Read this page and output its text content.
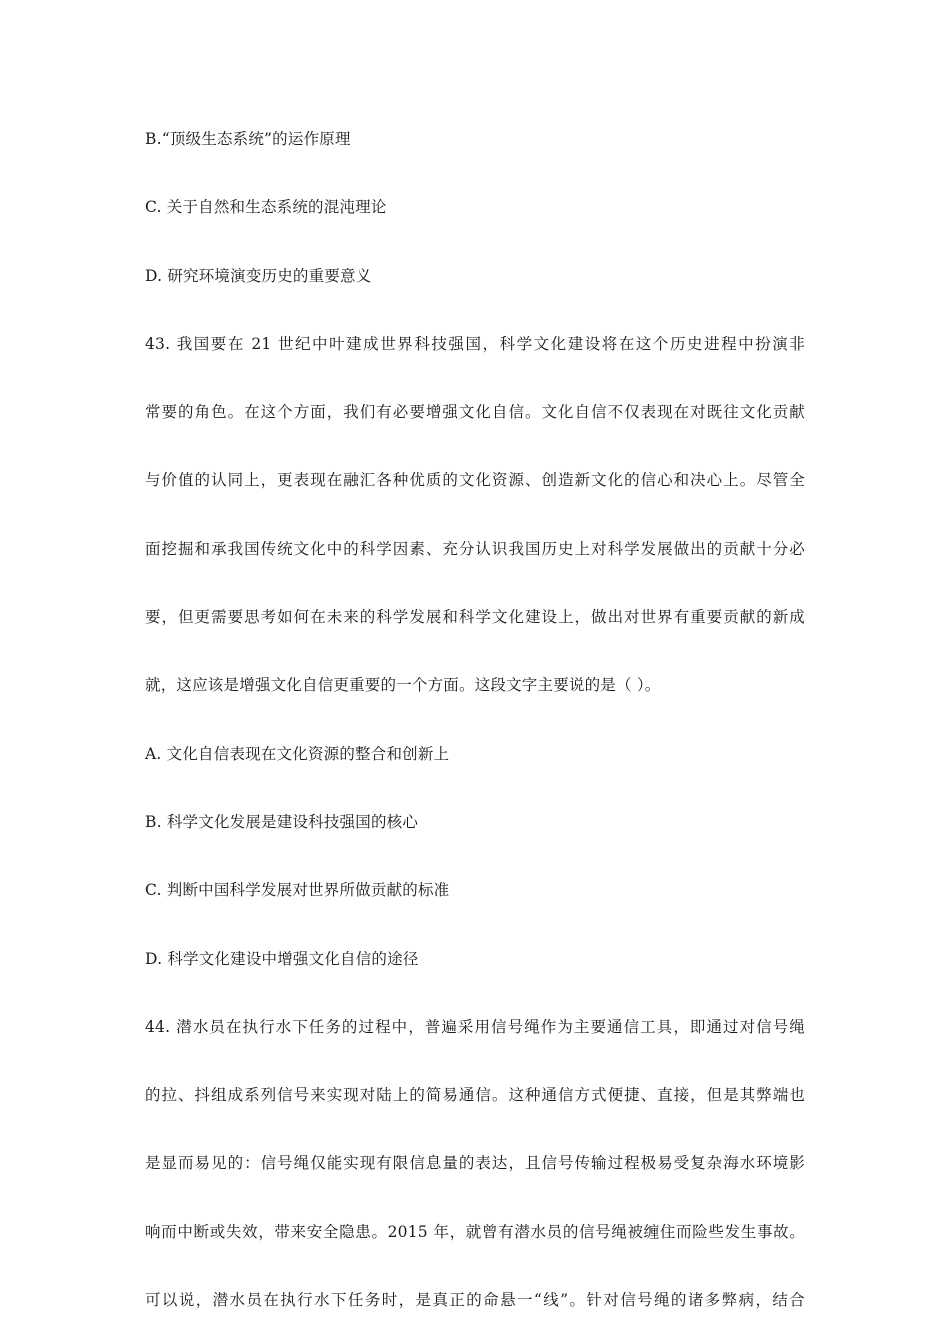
B.“顶级生态系统”的运作原理
C. 关于自然和生态系统的混沌理论
D. 研究环境演变历史的重要意义
43. 我国要在 21 世纪中叶建成世界科技强国，科学文化建设将在这个历史进程中扮演非
常要的角色。在这个方面，我们有必要增强文化自信。文化自信不仅表现在对既往文化贡献
与价值的认同上，更表现在融汇各种优质的文化资源、创造新文化的信心和决心上。尽管全
面挖掘和承我国传统文化中的科学因素、充分认识我国历史上对科学发展做出的贡献十分必
要，但更需要思考如何在未来的科学发展和科学文化建设上，做出对世界有重要贡献的新成
就，这应该是增强文化自信更重要的一个方面。这段文字主要说的是（ ）。
A. 文化自信表现在文化资源的整合和创新上
B. 科学文化发展是建设科技强国的核心
C. 判断中国科学发展对世界所做贡献的标准
D. 科学文化建设中增强文化自信的途径
44. 潜水员在执行水下任务的过程中，普遍采用信号绳作为主要通信工具，即通过对信号绳
的拉、抖组成系列信号来实现对陆上的简易通信。这种通信方式便捷、直接，但是其弊端也
是显而易见的：信号绳仅能实现有限信息量的表达，且信号传输过程极易受复杂海水环境影
响而中断或失效，带来安全隐患。2015 年，就曾有潜水员的信号绳被缠住而险些发生事故。
可以说，潜水员在执行水下任务时，是真正的命悬一“线”。针对信号绳的诸多弊病，结合
